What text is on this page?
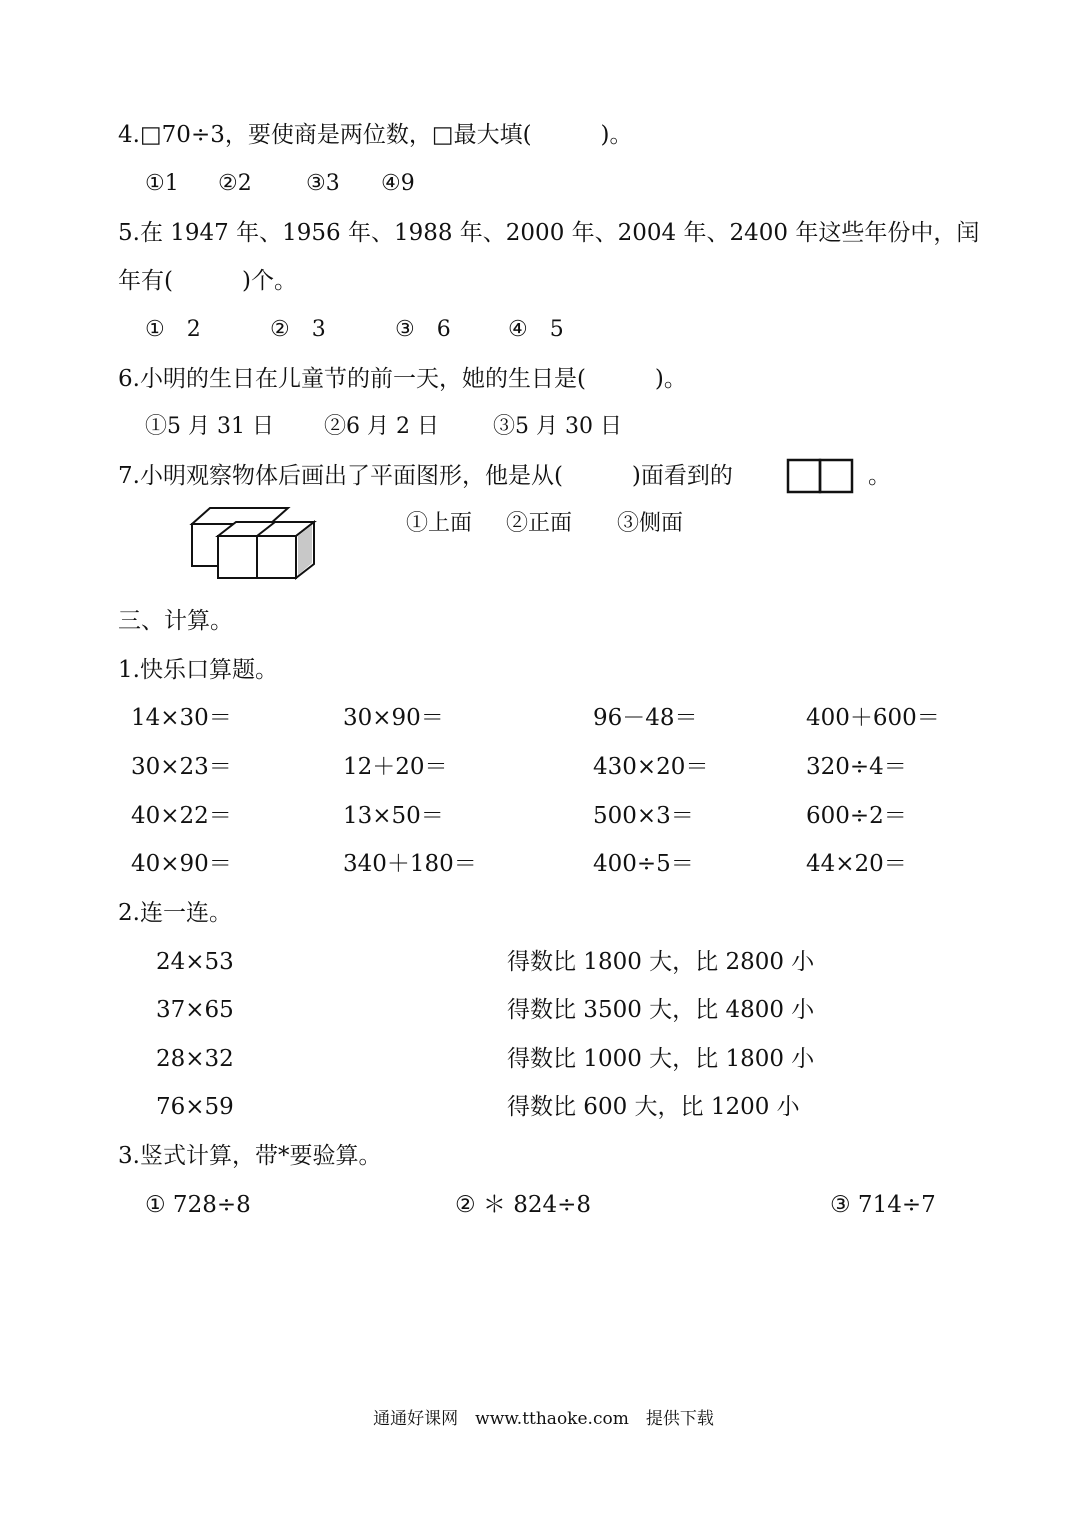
4.□70÷3，要使商是两位数，□最大填(　　　)。
①1 ②2 ③3 ④9
5.在 1947 年、1956 年、1988 年、2000 年、2004 年、2400 年这些年份中，闰
年有(　　　)个。
①　2	②　3	③　6	④　5
6.小明的生日在儿童节的前一天，她的生日是(　　　)。
①5 月 31 日 ②6 月 2 日 ③5 月 30 日
7.小明观察物体后画出了平面图形，他是从(　　　)面看到的	。
①上面 ②正面 ③侧面
三、计算。
1.快乐口算题。
14×30＝	30×90＝	96－48＝	400＋600＝
30×23＝	12＋20＝	430×20＝	320÷4＝
40×22＝	13×50＝	500×3＝	600÷2＝
40×90＝	340＋180＝	400÷5＝	44×20＝
2.连一连。
24×53	得数比 1800 大，比 2800 小
37×65	得数比 3500 大，比 4800 小
28×32	得数比 1000 大，比 1800 小
76×59	得数比 600 大，比 1200 小
3.竖式计算，带*要验算。
① 728÷8	② ＊ 824÷8	③ 714÷7
通通好课网　www.tthaoke.com　提供下载
